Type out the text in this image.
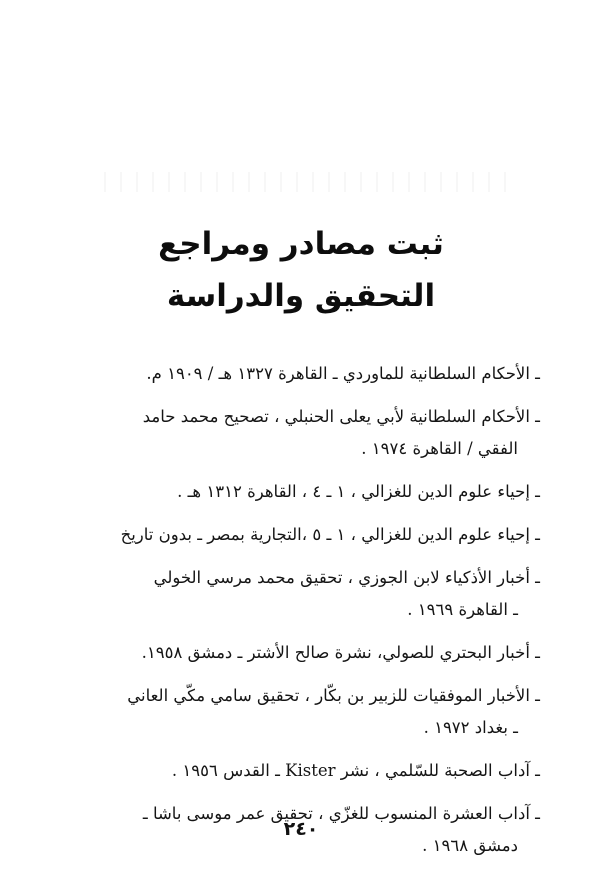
ثبت مصادر ومراجع
التحقيق والدراسة
ـ الأحكام السلطانية للماوردي ـ القاهرة ١٣٢٧ هـ / ١٩٠٩ م.
ـ الأحكام السلطانية لأبي يعلى الحنبلي ، تصحيح محمد حامد
الفقي / القاهرة ١٩٧٤ .
ـ إحياء علوم الدين للغزالي ، ١ ـ ٤ ، القاهرة ١٣١٢ هـ .
ـ إحياء علوم الدين للغزالي ، ١ ـ ٥ ،التجارية بمصر ـ بدون تاريخ
ـ أخبار الأذكياء لابن الجوزي ، تحقيق محمد مرسي الخولي
ـ القاهرة ١٩٦٩ .
ـ أخبار البحتري للصولي، نشرة صالح الأشتر ـ دمشق ١٩٥٨.
ـ الأخبار الموفقيات للزبير بن بكّار ، تحقيق سامي مكّي العاني
ـ بغداد ١٩٧٢ .
ـ آداب الصحبة للسّلمي ، نشر Kister ـ القدس ١٩٥٦ .
ـ آداب العشرة المنسوب للغزّي ، تحقيق عمر موسى باشا ـ
دمشق ١٩٦٨ .
٢٤٠
